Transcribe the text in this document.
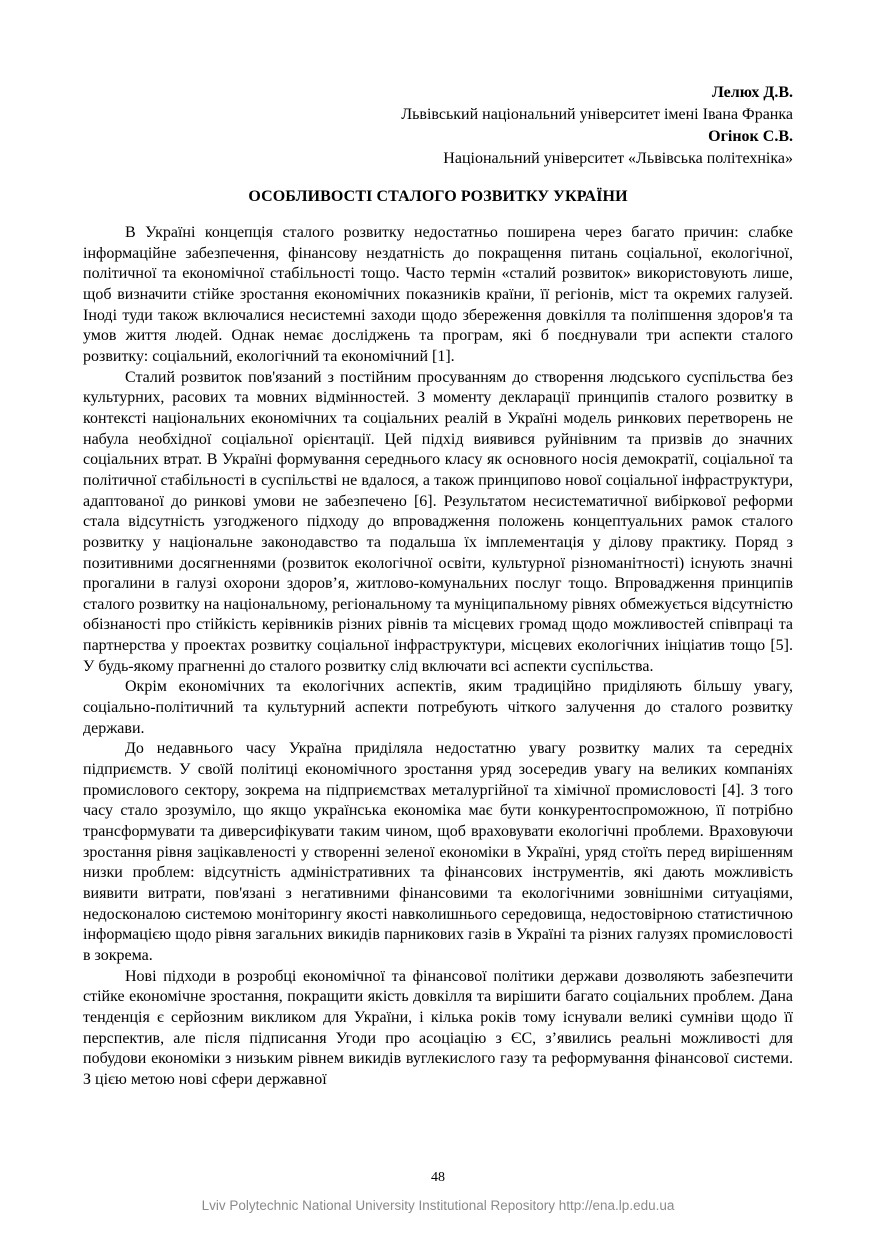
Лелюх Д.В.
Львівський національний університет імені Івана Франка
Огінок С.В.
Національний університет «Львівська політехніка»
ОСОБЛИВОСТІ СТАЛОГО РОЗВИТКУ УКРАЇНИ

В Україні концепція сталого розвитку недостатньо поширена через багато причин: слабке інформаційне забезпечення, фінансову нездатність до покращення питань соціальної, екологічної, політичної та економічної стабільності тощо. Часто термін «сталий розвиток» використовують лише, щоб визначити стійке зростання економічних показників країни, її регіонів, міст та окремих галузей. Іноді туди також включалися несистемні заходи щодо збереження довкілля та поліпшення здоров'я та умов життя людей. Однак немає досліджень та програм, які б поєднували три аспекти сталого розвитку: соціальний, екологічний та економічний [1].

Сталий розвиток пов'язаний з постійним просуванням до створення людського суспільства без культурних, расових та мовних відмінностей. З моменту декларації принципів сталого розвитку в контексті національних економічних та соціальних реалій в Україні модель ринкових перетворень не набула необхідної соціальної орієнтації. Цей підхід виявився руйнівним та призвів до значних соціальних втрат. В Україні формування середнього класу як основного носія демократії, соціальної та політичної стабільності в суспільстві не вдалося, а також принципово нової соціальної інфраструктури, адаптованої до ринкові умови не забезпечено [6]. Результатом несистематичної вибіркової реформи стала відсутність узгодженого підходу до впровадження положень концептуальних рамок сталого розвитку у національне законодавство та подальша їх імплементація у ділову практику. Поряд з позитивними досягненнями (розвиток екологічної освіти, культурної різноманітності) існують значні прогалини в галузі охорони здоров’я, житлово-комунальних послуг тощо. Впровадження принципів сталого розвитку на національному, регіональному та муніципальному рівнях обмежується відсутністю обізнаності про стійкість керівників різних рівнів та місцевих громад щодо можливостей співпраці та партнерства у проектах розвитку соціальної інфраструктури, місцевих екологічних ініціатив тощо [5]. У будь-якому прагненні до сталого розвитку слід включати всі аспекти суспільства.

Окрім економічних та екологічних аспектів, яким традиційно приділяють більшу увагу, соціально-політичний та культурний аспекти потребують чіткого залучення до сталого розвитку держави.

До недавнього часу Україна приділяла недостатню увагу розвитку малих та середніх підприємств. У своїй політиці економічного зростання уряд зосередив увагу на великих компаніях промислового сектору, зокрема на підприємствах металургійної та хімічної промисловості [4]. З того часу стало зрозуміло, що якщо українська економіка має бути конкурентоспроможною, її потрібно трансформувати та диверсифікувати таким чином, щоб враховувати екологічні проблеми. Враховуючи зростання рівня зацікавленості у створенні зеленої економіки в Україні, уряд стоїть перед вирішенням низки проблем: відсутність адміністративних та фінансових інструментів, які дають можливість виявити витрати, пов'язані з негативними фінансовими та екологічними зовнішніми ситуаціями, недосконалою системою моніторингу якості навколишнього середовища, недостовірною статистичною інформацією щодо рівня загальних викидів парникових газів в Україні та різних галузях промисловості в зокрема.

Нові підходи в розробці економічної та фінансової політики держави дозволяють забезпечити стійке економічне зростання, покращити якість довкілля та вирішити багато соціальних проблем. Дана тенденція є серйозним викликом для України, і кілька років тому існували великі сумніви щодо її перспектив, але після підписання Угоди про асоціацію з ЄС, з’явились реальні можливості для побудови економіки з низьким рівнем викидів вуглекислого газу та реформування фінансової системи. З цією метою нові сфери державної

48
Lviv Polytechnic National University Institutional Repository http://ena.lp.edu.ua
